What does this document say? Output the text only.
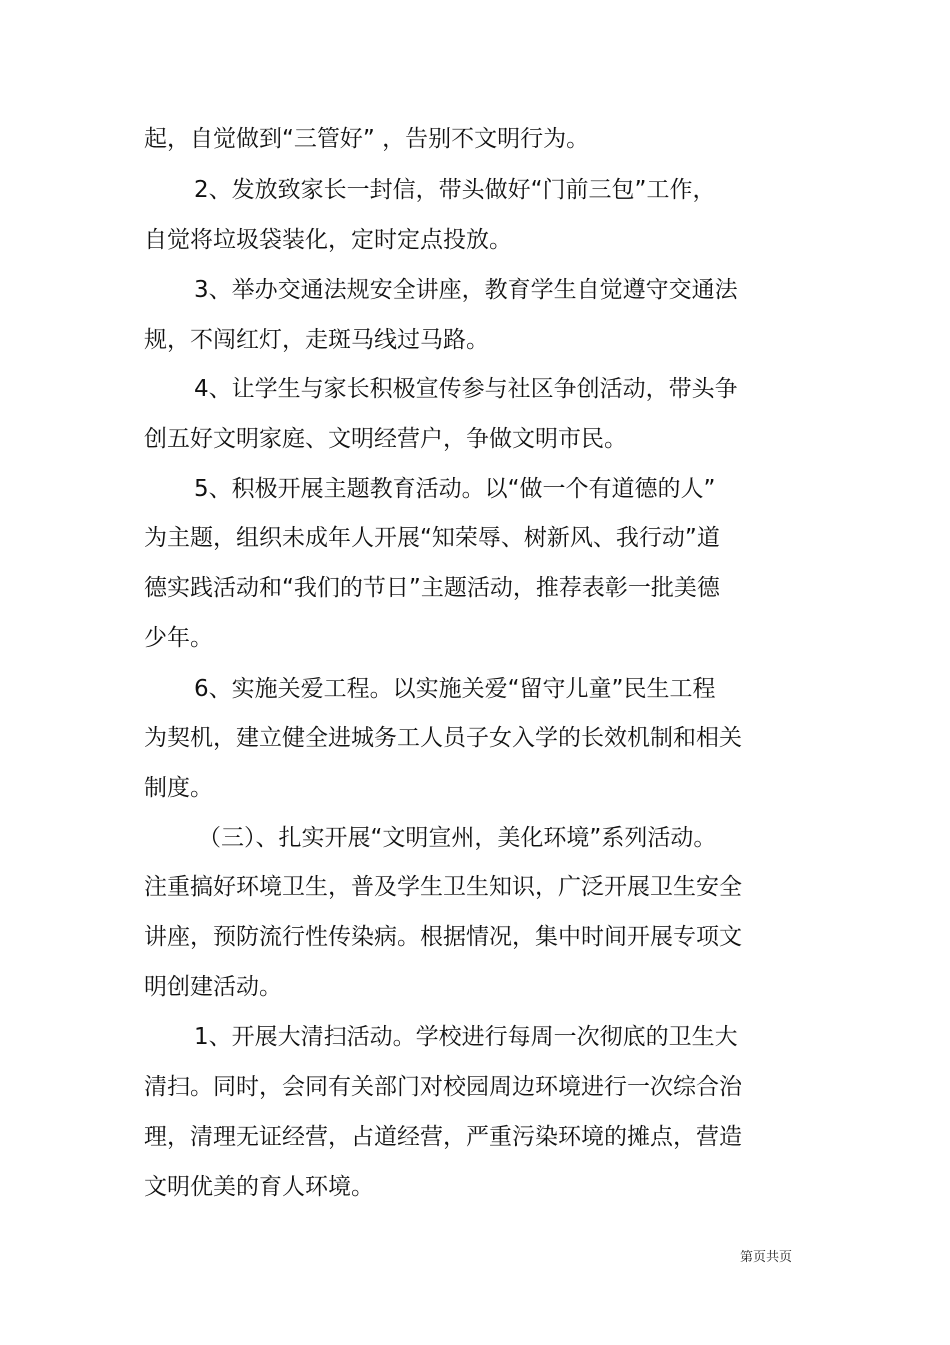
起，自觉做到“三管好” ，告别不文明行为。
2、发放致家长一封信，带头做好“门前三包”工作，
自觉将垃圾袋装化，定时定点投放。
3、举办交通法规安全讲座，教育学生自觉遵守交通法
规，不闯红灯，走斑马线过马路。
4、让学生与家长积极宣传参与社区争创活动，带头争
创五好文明家庭、文明经营户，争做文明市民。
5、积极开展主题教育活动。以“做一个有道德的人”
为主题，组织未成年人开展“知荣辱、树新风、我行动”道
德实践活动和“我们的节日”主题活动，推荐表彰一批美德
少年。
6、实施关爱工程。以实施关爱“留守儿童”民生工程
为契机，建立健全进城务工人员子女入学的长效机制和相关
制度。
（三）、扎实开展“文明宣州，美化环境”系列活动。
注重搞好环境卫生，普及学生卫生知识，广泛开展卫生安全
讲座，预防流行性传染病。根据情况，集中时间开展专项文
明创建活动。
1、开展大清扫活动。学校进行每周一次彻底的卫生大
清扫。同时，会同有关部门对校园周边环境进行一次综合治
理，清理无证经营，占道经营，严重污染环境的摊点，营造
文明优美的育人环境。
第页共页
